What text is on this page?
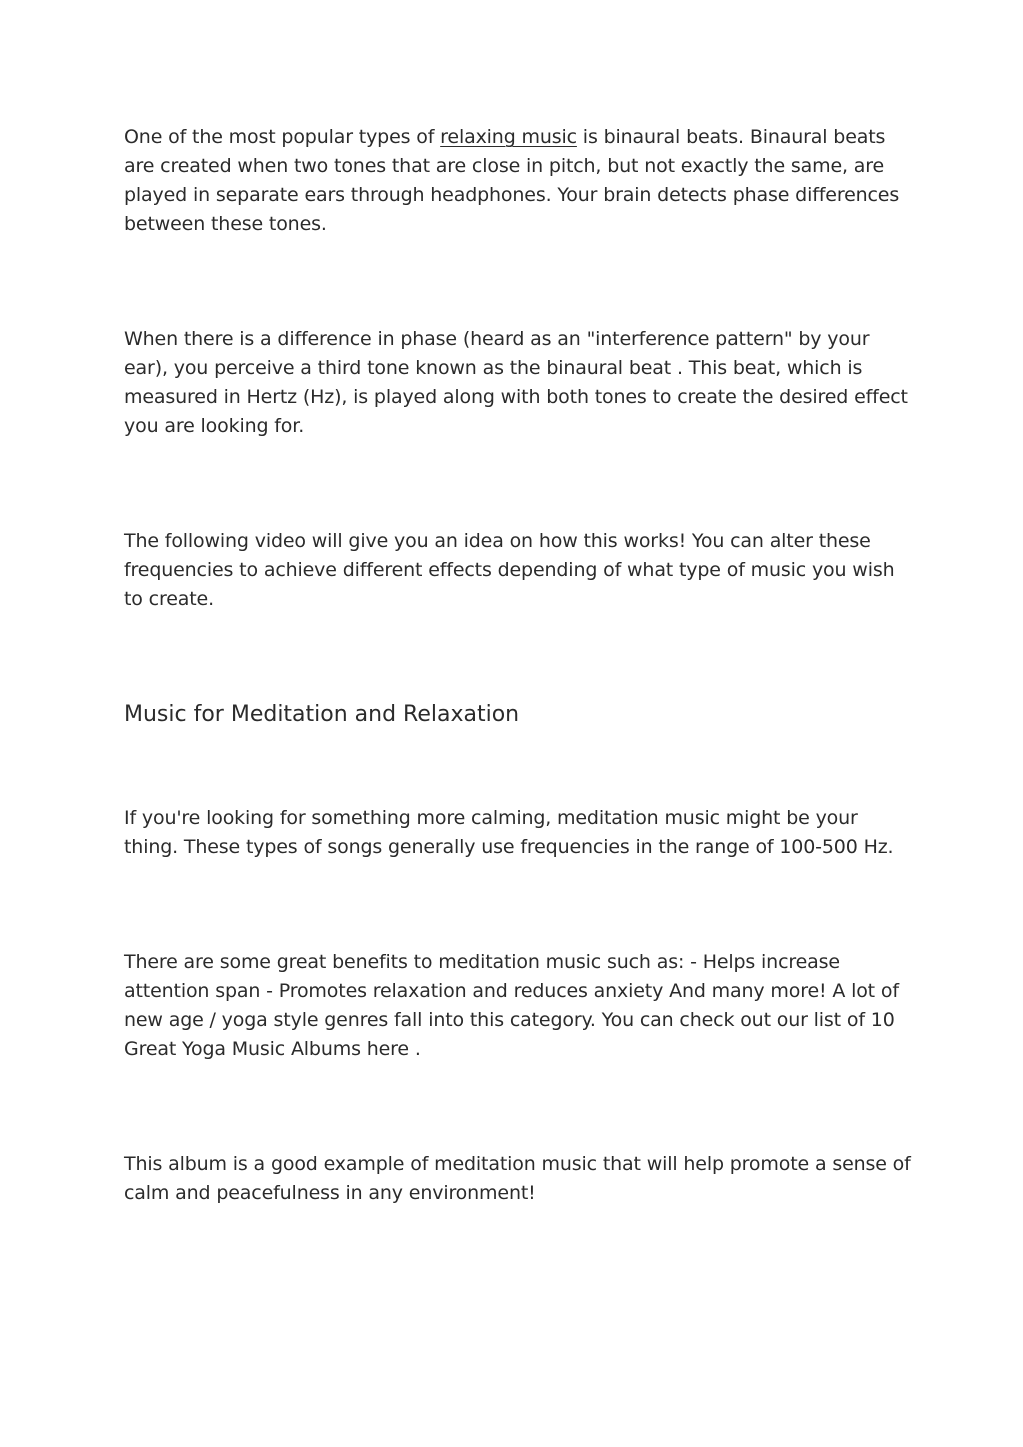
One of the most popular types of relaxing music is binaural beats. Binaural beats are created when two tones that are close in pitch, but not exactly the same, are played in separate ears through headphones. Your brain detects phase differences between these tones.

When there is a difference in phase (heard as an "interference pattern" by your ear), you perceive a third tone known as the binaural beat . This beat, which is measured in Hertz (Hz), is played along with both tones to create the desired effect you are looking for.

The following video will give you an idea on how this works! You can alter these frequencies to achieve different effects depending of what type of music you wish to create.

Music for Meditation and Relaxation

If you're looking for something more calming, meditation music might be your thing. These types of songs generally use frequencies in the range of 100-500 Hz.

There are some great benefits to meditation music such as: - Helps increase attention span - Promotes relaxation and reduces anxiety And many more! A lot of new age / yoga style genres fall into this category. You can check out our list of 10 Great Yoga Music Albums here .

This album is a good example of meditation music that will help promote a sense of calm and peacefulness in any environment!
